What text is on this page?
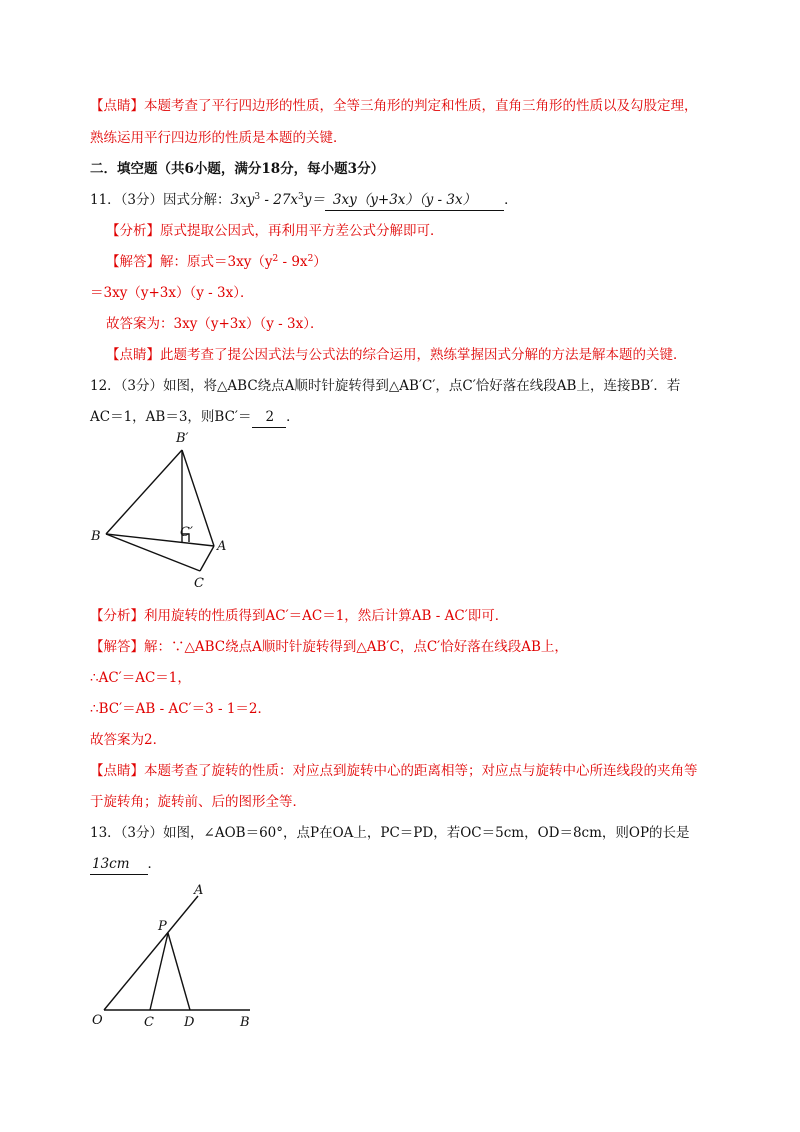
【点睛】本题考查了平行四边形的性质，全等三角形的判定和性质，直角三角形的性质以及勾股定理，
熟练运用平行四边形的性质是本题的关键．
二．填空题（共6小题，满分18分，每小题3分）
11．（3分）因式分解：$3xy^3 - 27x^3y= 3xy(y+3x)(y - 3x)$ ．
【分析】原式提取公因式，再利用平方差公式分解即可．
【解答】解：原式$=3xy(y^2 - 9x^2)$
＝3xy（y+3x）（y - 3x）．
故答案为：3xy（y+3x）（y - 3x）．
【点睛】此题考查了提公因式法与公式法的综合运用，熟练掌握因式分解的方法是解本题的关键．
12．（3分）如图，将△ABC绕点A顺时针旋转得到△AB′C′，点C′恰好落在线段AB上，连接BB′．若
AC＝1，AB＝3，则BC′＝ 2 ．
B′
B	C′
A
C
【分析】利用旋转的性质得到AC′＝AC＝1，然后计算AB - AC′即可．
【解答】解：∵△ABC绕点A顺时针旋转得到△AB′C，点C′恰好落在线段AB上，
∴AC′＝AC＝1，
∴BC′＝AB - AC′＝3 - 1＝2．
故答案为2．
【点睛】本题考查了旋转的性质：对应点到旋转中心的距离相等；对应点与旋转中心所连线段的夹角等
于旋转角；旋转前、后的图形全等．
13．（3分）如图，∠AOB＝60°，点P在OA上，PC＝PD，若OC＝5cm，OD＝8cm，则OP的长是
13cm ．
A
P
O	C D	B
